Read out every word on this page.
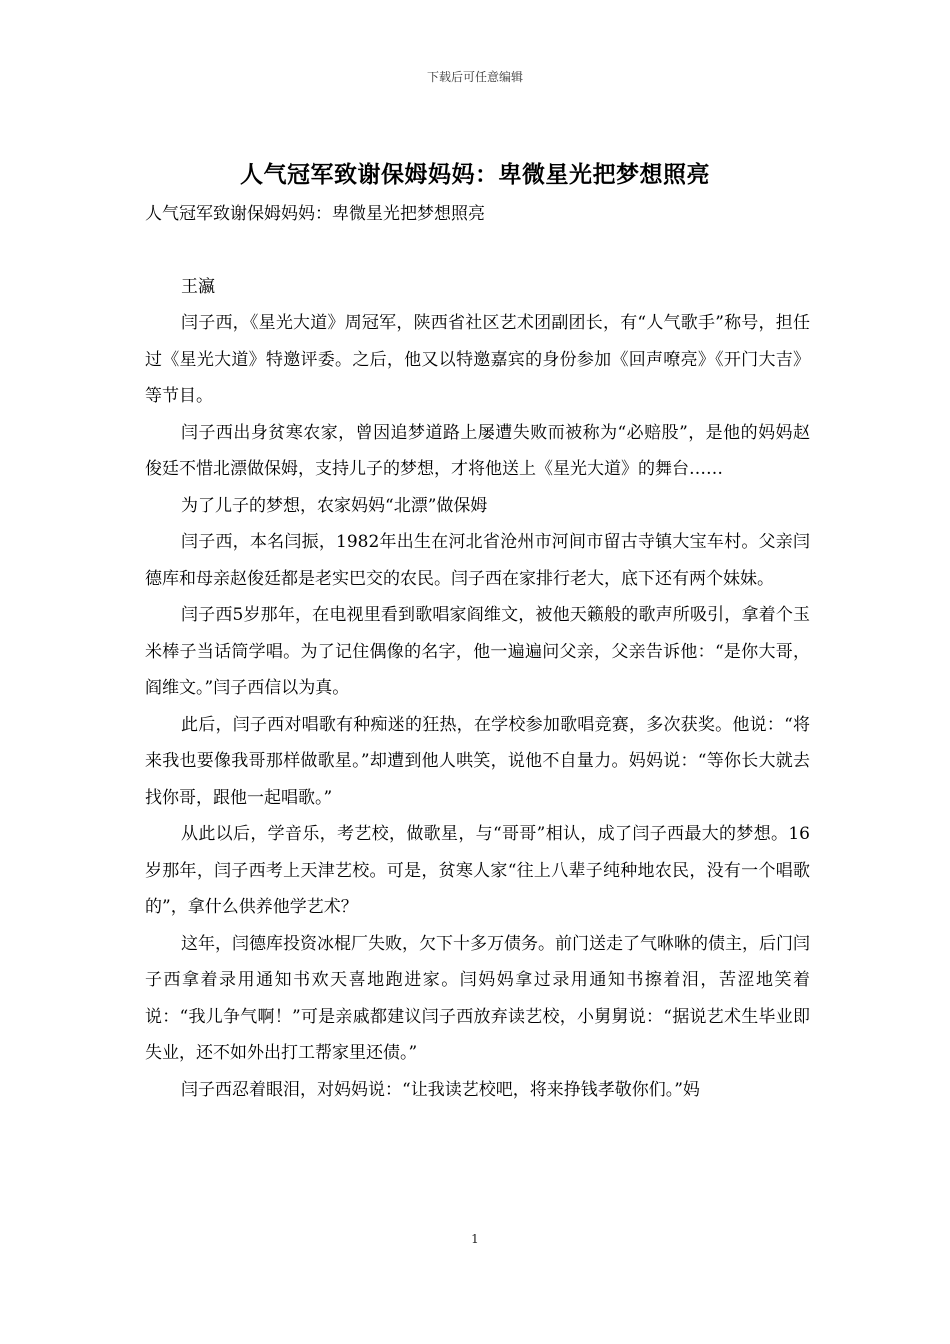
下载后可任意编辑
人气冠军致谢保姆妈妈：卑微星光把梦想照亮

人气冠军致谢保姆妈妈：卑微星光把梦想照亮

王瀛

闫子西，《星光大道》周冠军，陕西省社区艺术团副团长，有“人气歌手”称号，担任过《星光大道》特邀评委。之后，他又以特邀嘉宾的身份参加《回声嘹亮》《开门大吉》等节目。

闫子西出身贫寒农家，曾因追梦道路上屡遭失败而被称为“必赔股”，是他的妈妈赵俊廷不惜北漂做保姆，支持儿子的梦想，才将他送上《星光大道》的舞台……

为了儿子的梦想，农家妈妈“北漂”做保姆

闫子西，本名闫振，1982年出生在河北省沧州市河间市留古寺镇大宝车村。父亲闫德库和母亲赵俊廷都是老实巴交的农民。闫子西在家排行老大，底下还有两个妹妹。

闫子西5岁那年，在电视里看到歌唱家阎维文，被他天籁般的歌声所吸引，拿着个玉米棒子当话筒学唱。为了记住偶像的名字，他一遍遍问父亲，父亲告诉他：“是你大哥，阎维文。”闫子西信以为真。

此后，闫子西对唱歌有种痴迷的狂热，在学校参加歌唱竞赛，多次获奖。他说：“将来我也要像我哥那样做歌星。”却遭到他人哄笑，说他不自量力。妈妈说：“等你长大就去找你哥，跟他一起唱歌。”

从此以后，学音乐，考艺校，做歌星，与“哥哥”相认，成了闫子西最大的梦想。16岁那年，闫子西考上天津艺校。可是，贫寒人家“往上八辈子纯种地农民，没有一个唱歌的”，拿什么供养他学艺术？

这年，闫德库投资冰棍厂失败，欠下十多万债务。前门送走了气咻咻的债主，后门闫子西拿着录用通知书欢天喜地跑进家。闫妈妈拿过录用通知书擦着泪，苦涩地笑着说：“我儿争气啊！”可是亲戚都建议闫子西放弃读艺校，小舅舅说：“据说艺术生毕业即失业，还不如外出打工帮家里还债。”

闫子西忍着眼泪，对妈妈说：“让我读艺校吧，将来挣钱孝敬你们。”妈

1
